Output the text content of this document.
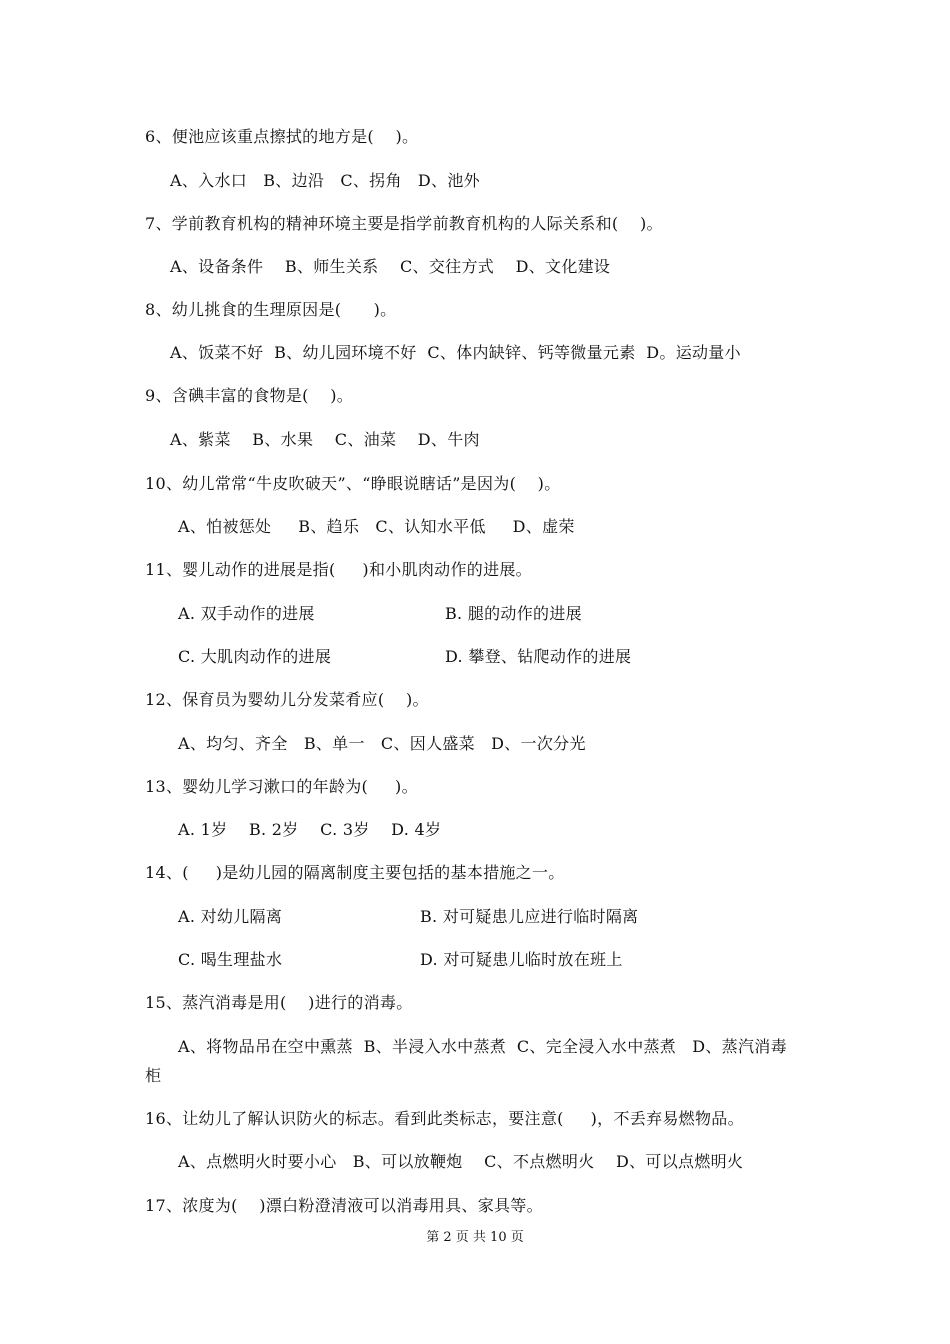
6、便池应该重点擦拭的地方是(    )。
A、入水口   B、边沿   C、拐角   D、池外
7、学前教育机构的精神环境主要是指学前教育机构的人际关系和(    )。
A、设备条件    B、师生关系    C、交往方式    D、文化建设
8、幼儿挑食的生理原因是(      )。
A、饭菜不好  B、幼儿园环境不好  C、体内缺锌、钙等微量元素  D。运动量小
9、含碘丰富的食物是(    )。
A、紫菜    B、水果    C、油菜    D、牛肉
10、幼儿常常“牛皮吹破天”、“睁眼说瞎话”是因为(    )。
A、怕被惩处     B、趋乐   C、认知水平低     D、虚荣
11、婴儿动作的进展是指(     )和小肌肉动作的进展。
A. 双手动作的进展	B. 腿的动作的进展
C. 大肌肉动作的进展	D. 攀登、钻爬动作的进展
12、保育员为婴幼儿分发菜肴应(    )。
A、均匀、齐全   B、单一   C、因人盛菜   D、一次分光
13、婴幼儿学习漱口的年龄为(     )。
A. 1岁    B. 2岁    C. 3岁    D. 4岁
14、(     )是幼儿园的隔离制度主要包括的基本措施之一。
A. 对幼儿隔离	B. 对可疑患儿应进行临时隔离
C. 喝生理盐水	D. 对可疑患儿临时放在班上
15、蒸汽消毒是用(    )进行的消毒。
A、将物品吊在空中熏蒸  B、半浸入水中蒸煮  C、完全浸入水中蒸煮   D、蒸汽消毒
柜
16、让幼儿了解认识防火的标志。看到此类标志，要注意(     )，不丢弃易燃物品。
A、点燃明火时要小心   B、可以放鞭炮    C、不点燃明火    D、可以点燃明火
17、浓度为(    )漂白粉澄清液可以消毒用具、家具等。
第 2 页 共 10 页
